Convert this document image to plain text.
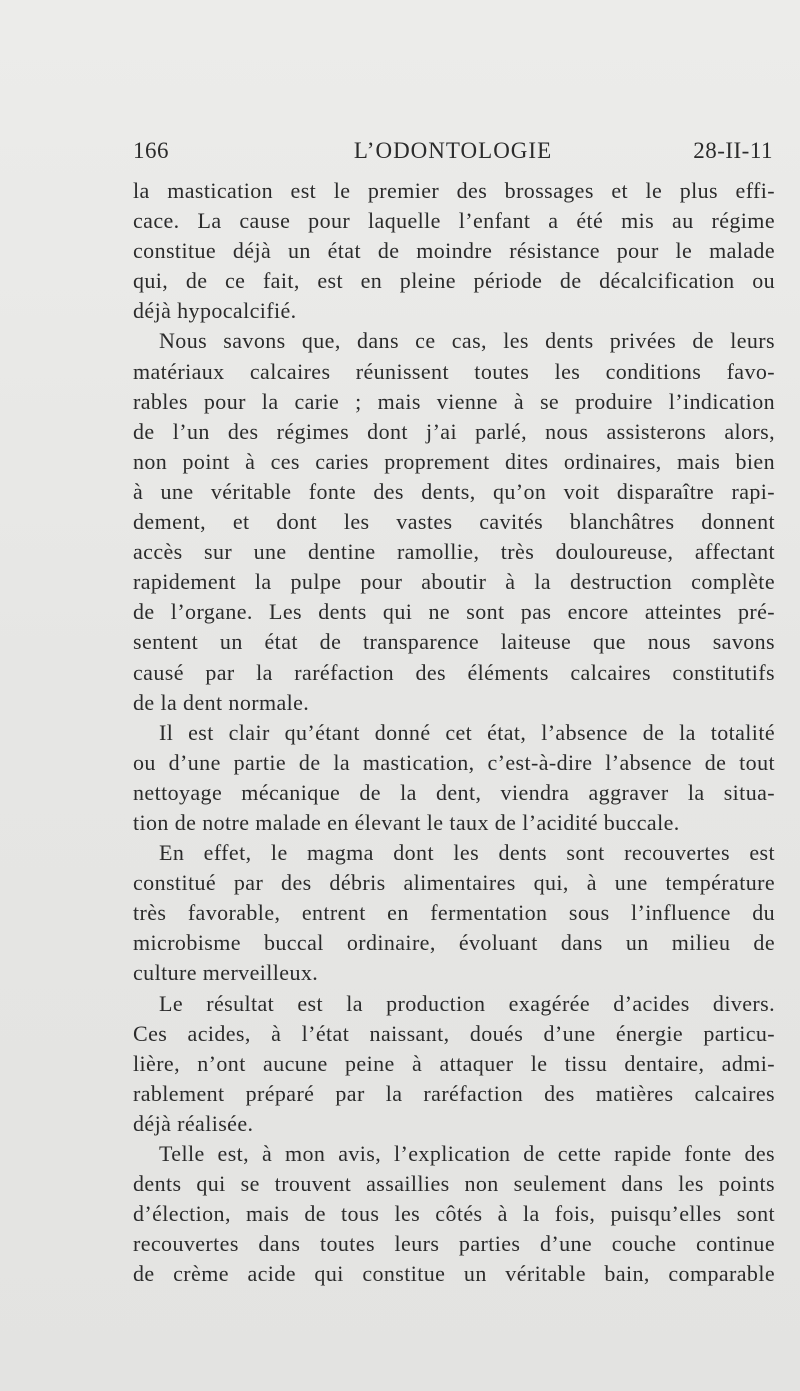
166	L’ODONTOLOGIE	28-II-11
la mastication est le premier des brossages et le plus effi-
cace. La cause pour laquelle l’enfant a été mis au régime
constitue déjà un état de moindre résistance pour le malade
qui, de ce fait, est en pleine période de décalcification ou
déjà hypocalcifié.
Nous savons que, dans ce cas, les dents privées de leurs
matériaux calcaires réunissent toutes les conditions favo-
rables pour la carie ; mais vienne à se produire l’indication
de l’un des régimes dont j’ai parlé, nous assisterons alors,
non point à ces caries proprement dites ordinaires, mais bien
à une véritable fonte des dents, qu’on voit disparaître rapi-
dement, et dont les vastes cavités blanchâtres donnent
accès sur une dentine ramollie, très douloureuse, affectant
rapidement la pulpe pour aboutir à la destruction complète
de l’organe. Les dents qui ne sont pas encore atteintes pré-
sentent un état de transparence laiteuse que nous savons
causé par la raréfaction des éléments calcaires constitutifs
de la dent normale.
Il est clair qu’étant donné cet état, l’absence de la totalité
ou d’une partie de la mastication, c’est-à-dire l’absence de tout
nettoyage mécanique de la dent, viendra aggraver la situa-
tion de notre malade en élevant le taux de l’acidité buccale.
En effet, le magma dont les dents sont recouvertes est
constitué par des débris alimentaires qui, à une température
très favorable, entrent en fermentation sous l’influence du
microbisme buccal ordinaire, évoluant dans un milieu de
culture merveilleux.
Le résultat est la production exagérée d’acides divers.
Ces acides, à l’état naissant, doués d’une énergie particu-
lière, n’ont aucune peine à attaquer le tissu dentaire, admi-
rablement préparé par la raréfaction des matières calcaires
déjà réalisée.
Telle est, à mon avis, l’explication de cette rapide fonte des
dents qui se trouvent assaillies non seulement dans les points
d’élection, mais de tous les côtés à la fois, puisqu’elles sont
recouvertes dans toutes leurs parties d’une couche continue
de crème acide qui constitue un véritable bain, comparable
